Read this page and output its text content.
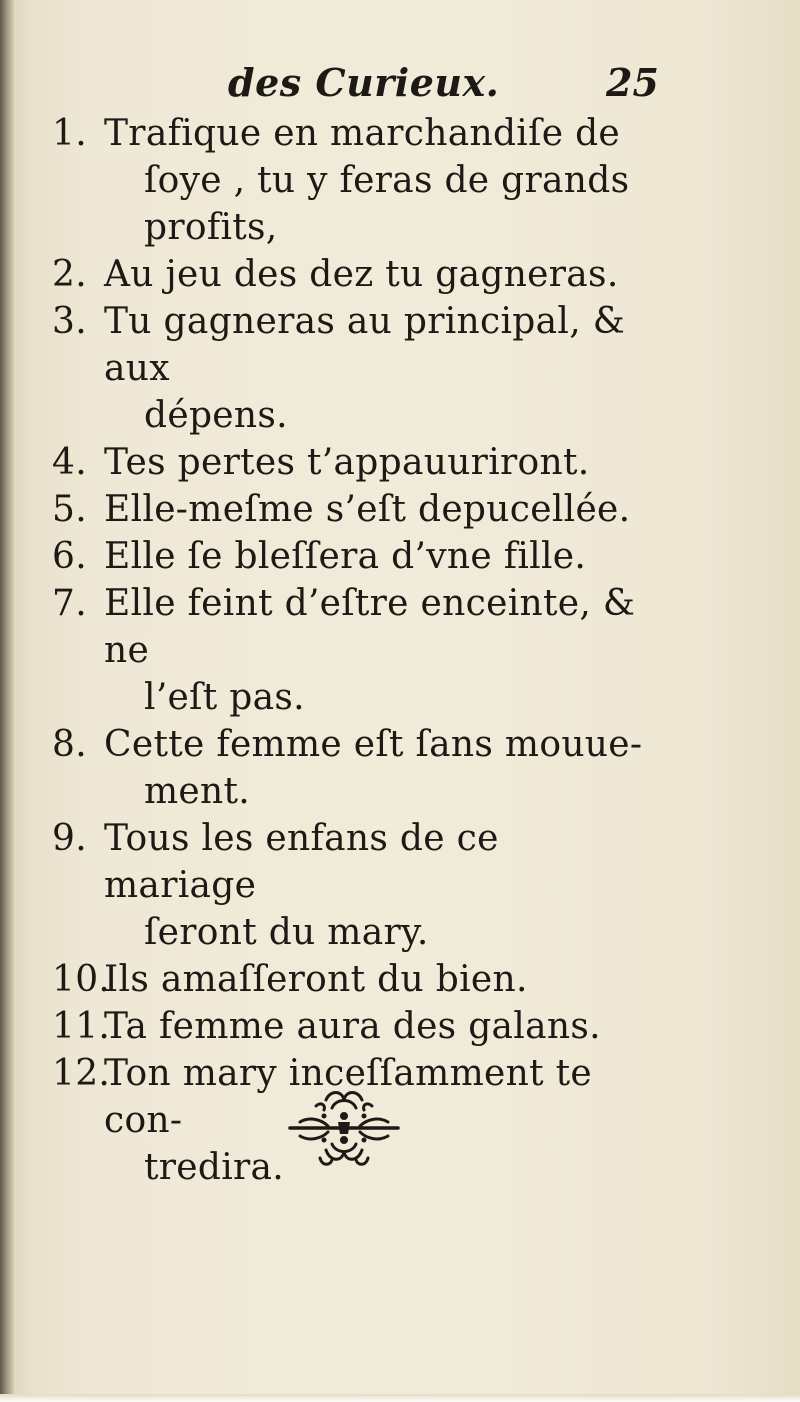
des Curieux.	25
1. Trafique en marchandiſe de
ſoye , tu y feras de grands
profits,
2. Au jeu des dez tu gagneras.
3. Tu gagneras au principal, & aux
dépens.
4. Tes pertes t’appauuriront.
5. Elle-meſme s’eſt depucellée.
6. Elle ſe bleſſera d’vne fille.
7. Elle feint d’eſtre enceinte, & ne
l’eſt pas.
8. Cette femme eſt ſans mouue-
ment.
9. Tous les enfans de ce mariage
ſeront du mary.
10.
Ils amaſſeront du bien.
11.
Ta femme aura des galans.
12.
Ton mary inceſſamment te con-
tredira.
